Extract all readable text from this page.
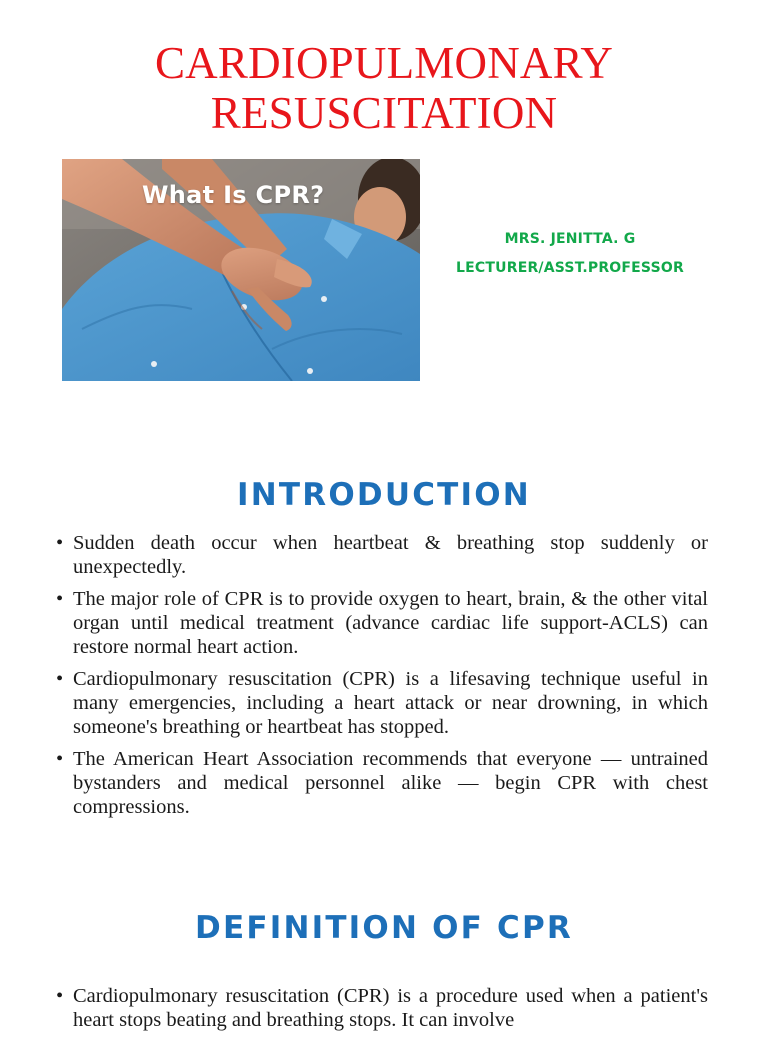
CARDIOPULMONARY
RESUSCITATION
What Is CPR?
MRS. JENITTA. G
LECTURER/ASST.PROFESSOR
INTRODUCTION
• Sudden death occur when heartbeat & breathing stop suddenly or unexpectedly.
• The major role of CPR is to provide oxygen to heart, brain, & the other vital organ until medical treatment (advance cardiac life support-ACLS) can restore normal heart action.
• Cardiopulmonary resuscitation (CPR) is a lifesaving technique useful in many emergencies, including a heart attack or near drowning, in which someone's breathing or heartbeat has stopped.
• The American Heart Association recommends that everyone — untrained bystanders and medical personnel alike — begin CPR with chest compressions.
DEFINITION OF CPR
• Cardiopulmonary resuscitation (CPR) is a procedure used when a patient's heart stops beating and breathing stops. It can involve
